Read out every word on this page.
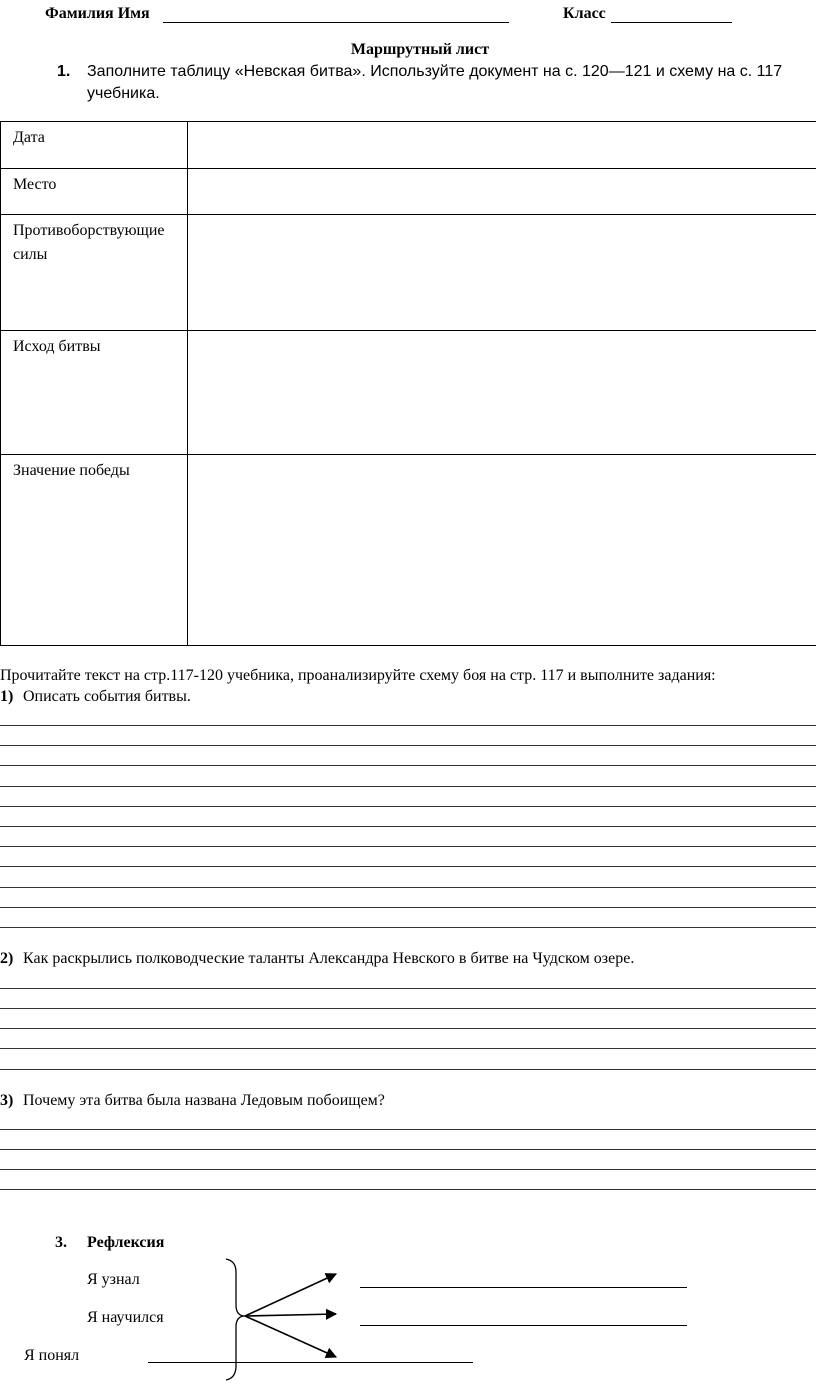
Фамилия Имя	Класс
Маршрутный лист
1. Заполните таблицу «Невская битва». Используйте документ на с. 120—121 и схему на с. 117
учебника.
Дата	
Место	
Противоборствующие
силы	
Исход битвы	
Значение победы	
Прочитайте текст на стр.117-120 учебника, проанализируйте схему боя на стр. 117 и выполните задания:
1) Описать события битвы.
2) Как раскрылись полководческие таланты Александра Невского в битве на Чудском озере.
3) Почему эта битва была названа Ледовым побоищем?
3. Рефлексия
Я узнал
Я научился
Я понял
